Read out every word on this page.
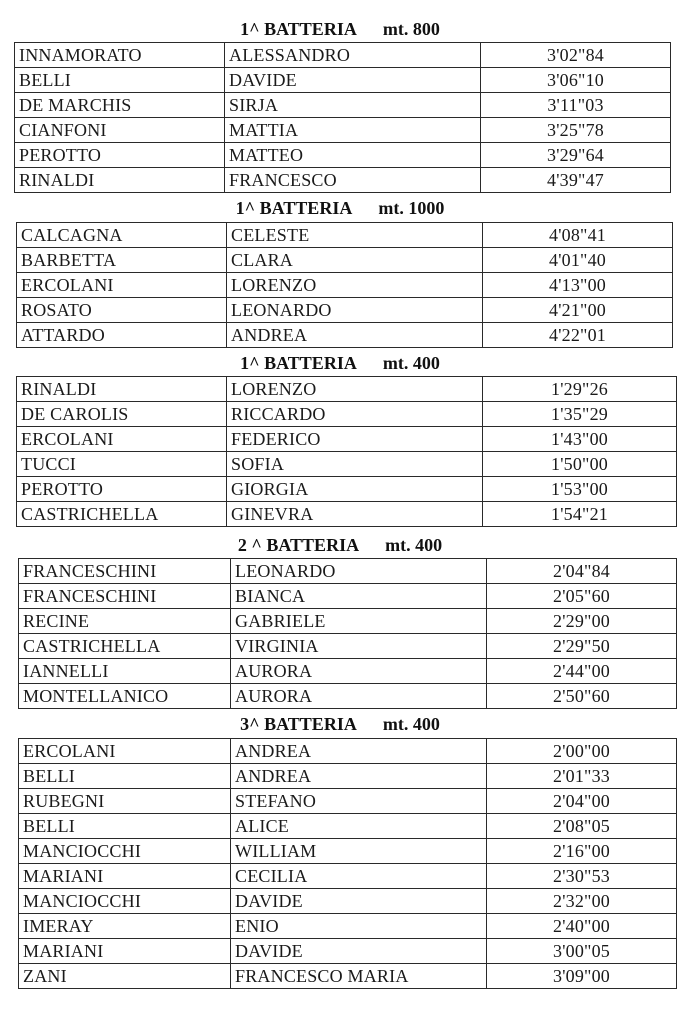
1^ BATTERIA mt. 800
INNAMORATO	ALESSANDRO	3'02"84
BELLI	DAVIDE	3'06"10
DE MARCHIS	SIRJA	3'11"03
CIANFONI	MATTIA	3'25"78
PEROTTO	MATTEO	3'29"64
RINALDI	FRANCESCO	4'39"47
1^ BATTERIA mt. 1000
CALCAGNA	CELESTE	4'08"41
BARBETTA	CLARA	4'01"40
ERCOLANI	LORENZO	4'13"00
ROSATO	LEONARDO	4'21"00
ATTARDO	ANDREA	4'22"01
1^ BATTERIA mt. 400
RINALDI	LORENZO	1'29"26
DE CAROLIS	RICCARDO	1'35"29
ERCOLANI	FEDERICO	1'43"00
TUCCI	SOFIA	1'50"00
PEROTTO	GIORGIA	1'53"00
CASTRICHELLA	GINEVRA	1'54"21
2 ^ BATTERIA mt. 400
FRANCESCHINI	LEONARDO	2'04"84
FRANCESCHINI	BIANCA	2'05"60
RECINE	GABRIELE	2'29"00
CASTRICHELLA	VIRGINIA	2'29"50
IANNELLI	AURORA	2'44"00
MONTELLANICO	AURORA	2'50"60
3^ BATTERIA mt. 400
ERCOLANI	ANDREA	2'00"00
BELLI	ANDREA	2'01"33
RUBEGNI	STEFANO	2'04"00
BELLI	ALICE	2'08"05
MANCIOCCHI	WILLIAM	2'16"00
MARIANI	CECILIA	2'30"53
MANCIOCCHI	DAVIDE	2'32"00
IMERAY	ENIO	2'40"00
MARIANI	DAVIDE	3'00"05
ZANI	FRANCESCO MARIA	3'09"00
